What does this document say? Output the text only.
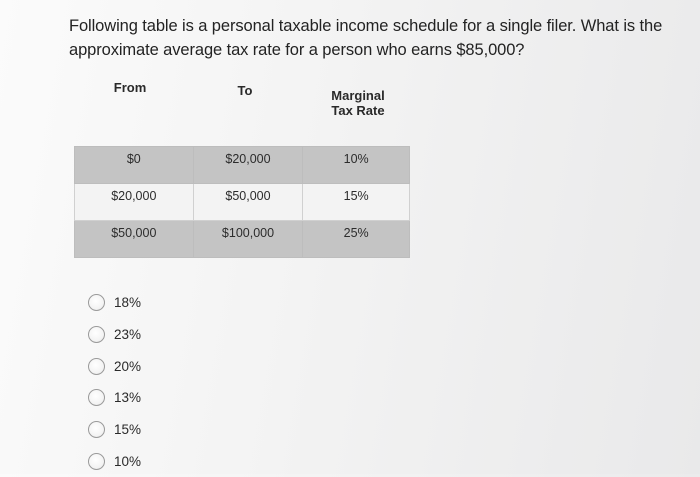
Following table is a personal taxable income schedule for a single filer. What is the approximate average tax rate for a person who earns $85,000?
From	To	Marginal
Tax Rate
$0	$20,000	10%
$20,000	$50,000	15%
$50,000	$100,000	25%
18%
23%
20%
13%
15%
10%
